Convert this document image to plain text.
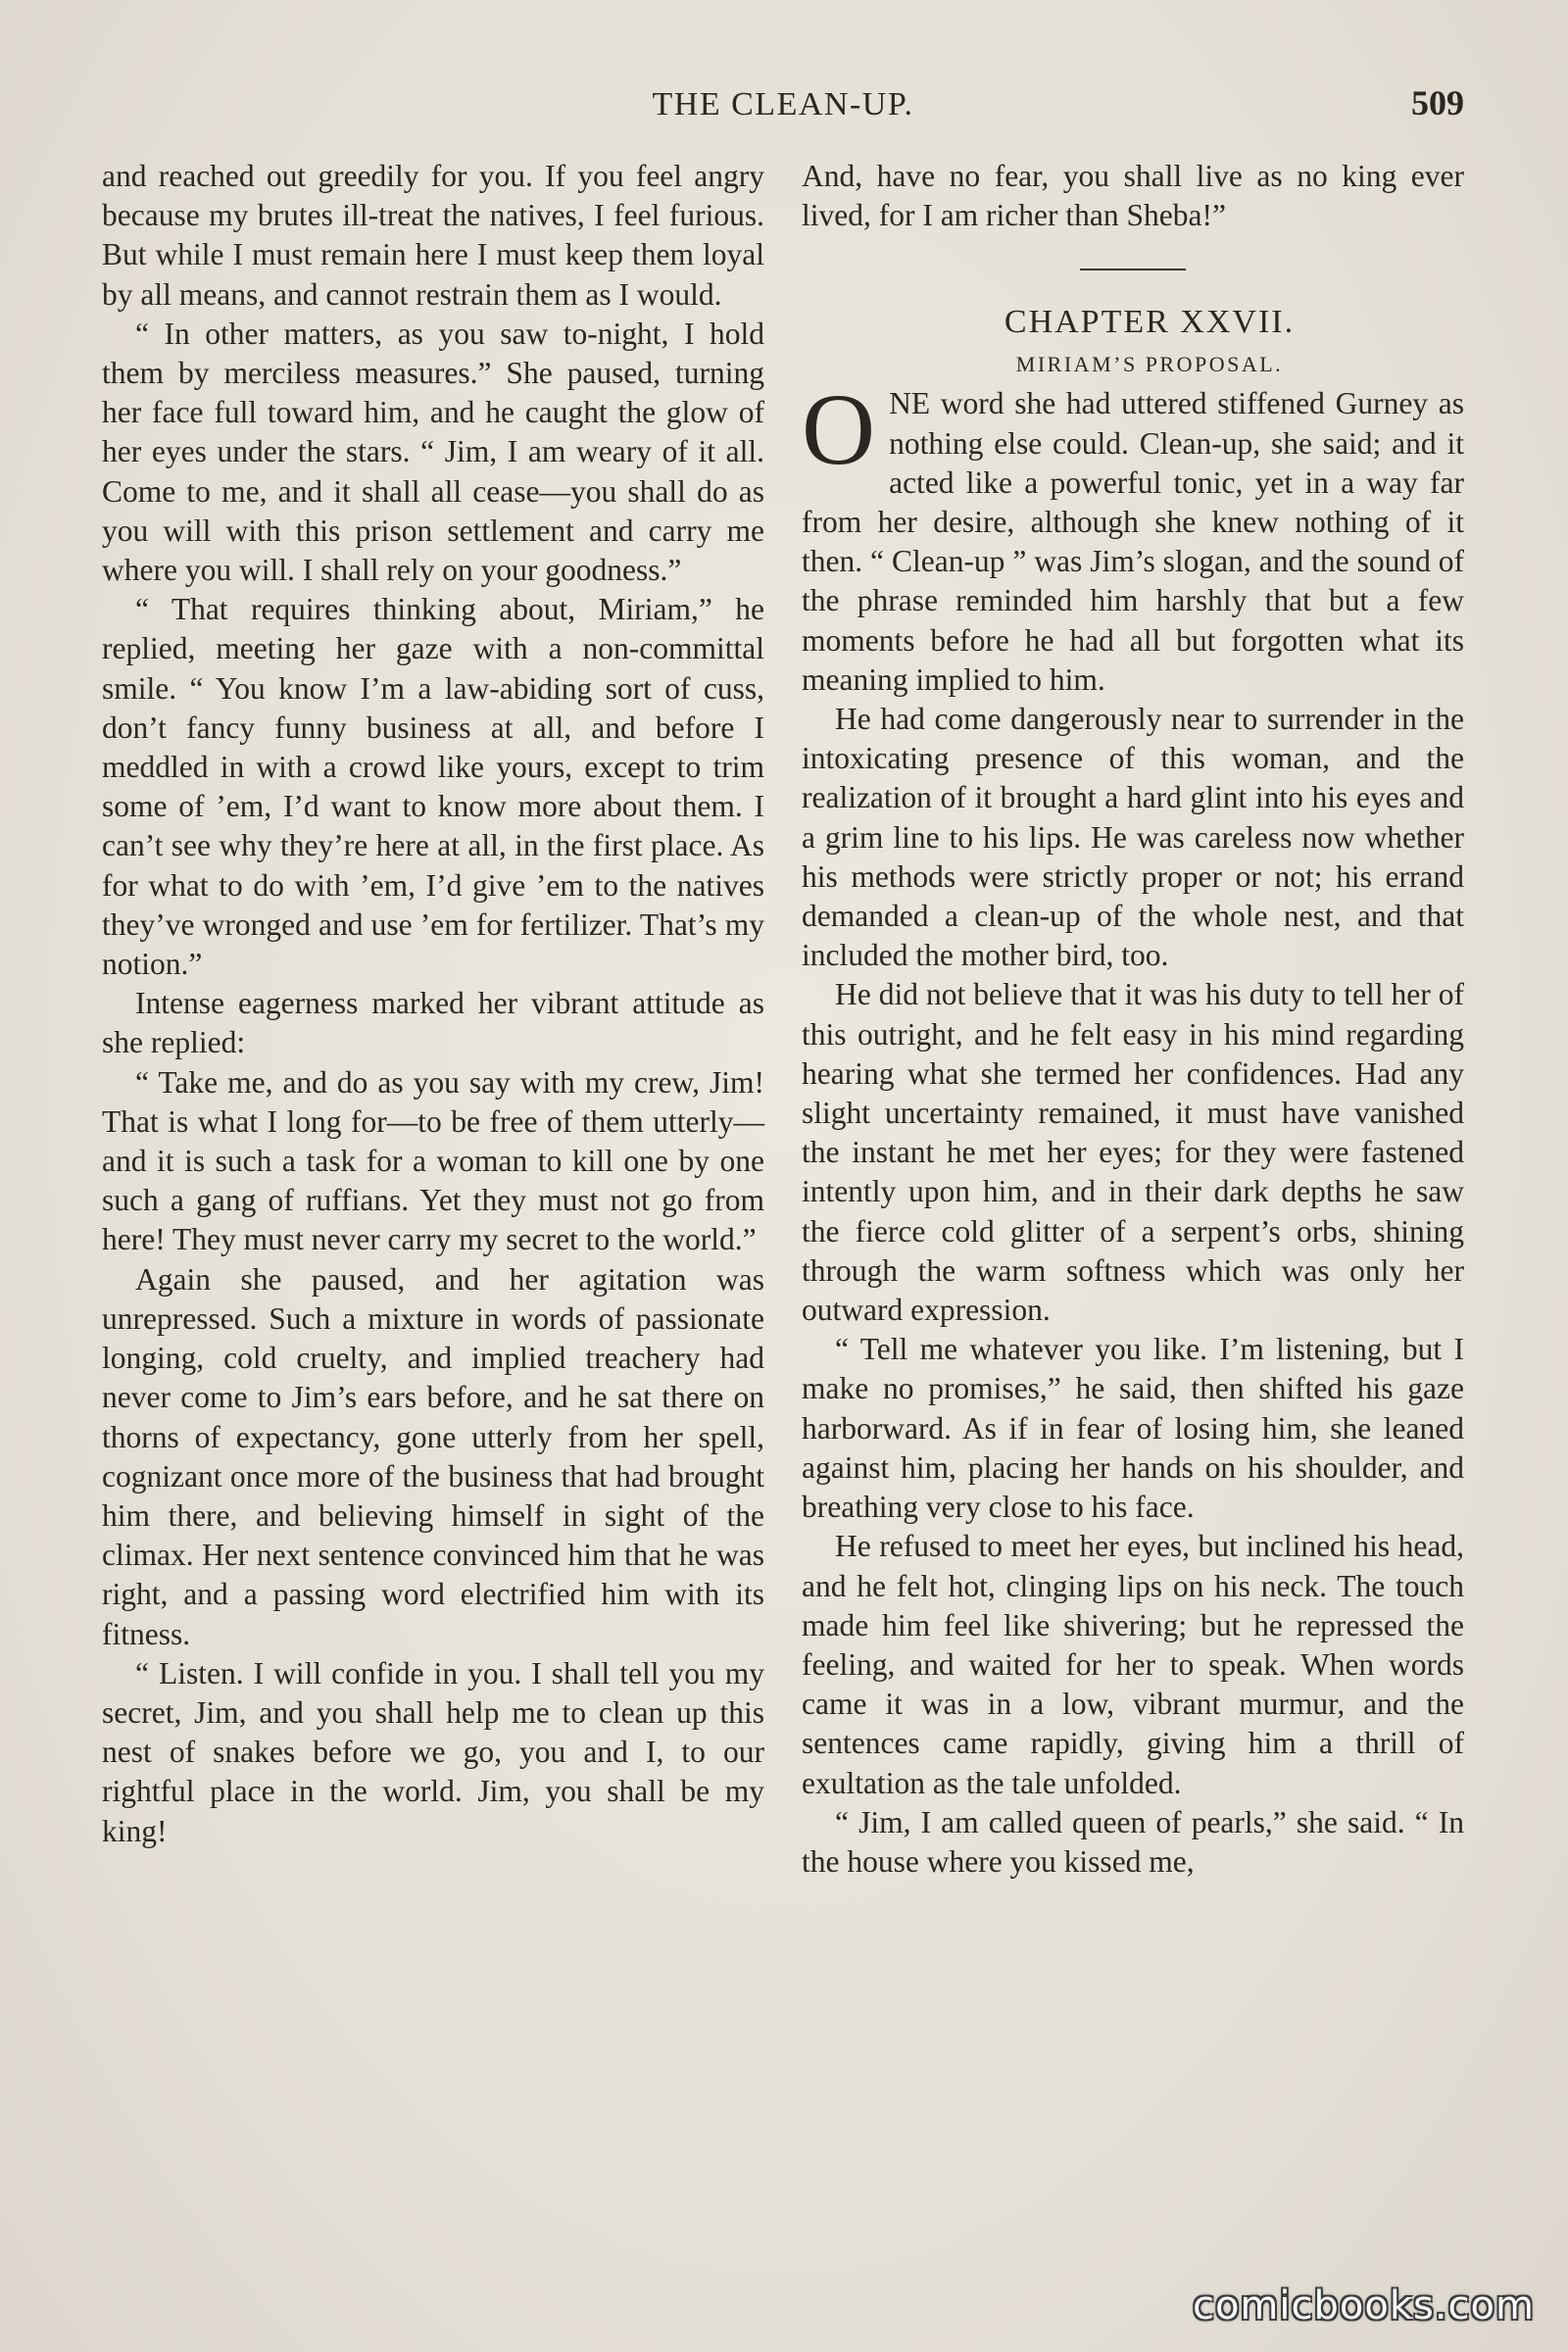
THE CLEAN-UP.	509

and reached out greedily for you. If you feel angry because my brutes ill-treat the natives, I feel furious. But while I must remain here I must keep them loyal by all means, and cannot restrain them as I would.

“ In other matters, as you saw to-night, I hold them by merciless measures.” She paused, turning her face full toward him, and he caught the glow of her eyes under the stars. “ Jim, I am weary of it all. Come to me, and it shall all cease—you shall do as you will with this prison settlement and carry me where you will. I shall rely on your goodness.”

“ That requires thinking about, Miriam,” he replied, meeting her gaze with a non-committal smile. “ You know I’m a law-abiding sort of cuss, don’t fancy funny business at all, and before I meddled in with a crowd like yours, except to trim some of ’em, I’d want to know more about them. I can’t see why they’re here at all, in the first place. As for what to do with ’em, I’d give ’em to the natives they’ve wronged and use ’em for fertilizer. That’s my notion.”

Intense eagerness marked her vibrant attitude as she replied:

“ Take me, and do as you say with my crew, Jim! That is what I long for—to be free of them utterly—and it is such a task for a woman to kill one by one such a gang of ruffians. Yet they must not go from here! They must never carry my secret to the world.”

Again she paused, and her agitation was unrepressed. Such a mixture in words of passionate longing, cold cruelty, and implied treachery had never come to Jim’s ears before, and he sat there on thorns of expectancy, gone utterly from her spell, cognizant once more of the business that had brought him there, and believing himself in sight of the climax. Her next sentence convinced him that he was right, and a passing word electrified him with its fitness.

“ Listen. I will confide in you. I shall tell you my secret, Jim, and you shall help me to clean up this nest of snakes before we go, you and I, to our rightful place in the world. Jim, you shall be my king!

And, have no fear, you shall live as no king ever lived, for I am richer than Sheba!”

CHAPTER XXVII.

MIRIAM’S PROPOSAL.

ONE word she had uttered stiffened Gurney as nothing else could. Clean-up, she said; and it acted like a powerful tonic, yet in a way far from her desire, although she knew nothing of it then. “ Clean-up ” was Jim’s slogan, and the sound of the phrase reminded him harshly that but a few moments before he had all but forgotten what its meaning implied to him.

He had come dangerously near to surrender in the intoxicating presence of this woman, and the realization of it brought a hard glint into his eyes and a grim line to his lips. He was careless now whether his methods were strictly proper or not; his errand demanded a clean-up of the whole nest, and that included the mother bird, too.

He did not believe that it was his duty to tell her of this outright, and he felt easy in his mind regarding hearing what she termed her confidences. Had any slight uncertainty remained, it must have vanished the instant he met her eyes; for they were fastened intently upon him, and in their dark depths he saw the fierce cold glitter of a serpent’s orbs, shining through the warm softness which was only her outward expression.

“ Tell me whatever you like. I’m listening, but I make no promises,” he said, then shifted his gaze harborward. As if in fear of losing him, she leaned against him, placing her hands on his shoulder, and breathing very close to his face.

He refused to meet her eyes, but inclined his head, and he felt hot, clinging lips on his neck. The touch made him feel like shivering; but he repressed the feeling, and waited for her to speak. When words came it was in a low, vibrant murmur, and the sentences came rapidly, giving him a thrill of exultation as the tale unfolded.

“ Jim, I am called queen of pearls,” she said. “ In the house where you kissed me,

comicbooks.com
